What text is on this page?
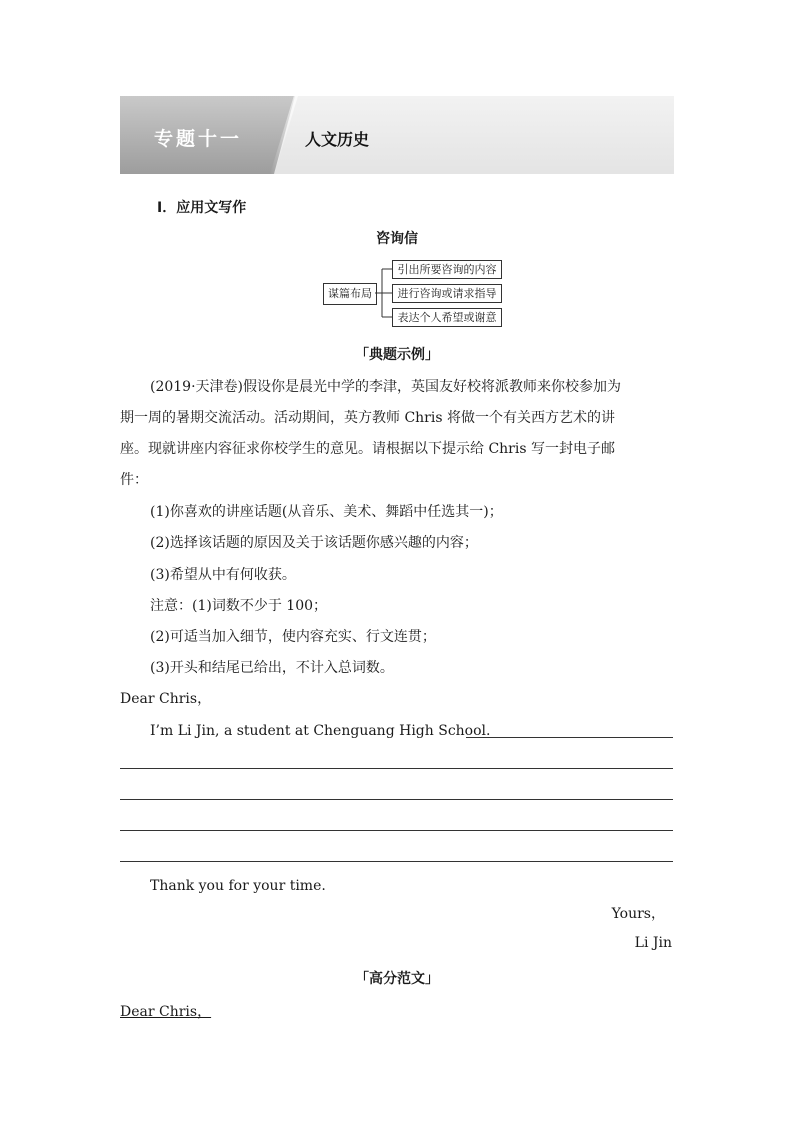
专题十一	人文历史
Ⅰ．应用文写作
咨询信
谋篇布局
引出所要咨询的内容
进行咨询或请求指导
表达个人希望或谢意
「典题示例」
(2019·天津卷)假设你是晨光中学的李津，英国友好校将派教师来你校参加为
期一周的暑期交流活动。活动期间，英方教师 Chris 将做一个有关西方艺术的讲
座。现就讲座内容征求你校学生的意见。请根据以下提示给 Chris 写一封电子邮
件：
(1)你喜欢的讲座话题(从音乐、美术、舞蹈中任选其一)；
(2)选择该话题的原因及关于该话题你感兴趣的内容；
(3)希望从中有何收获。
注意：(1)词数不少于 100；
(2)可适当加入细节，使内容充实、行文连贯；
(3)开头和结尾已给出，不计入总词数。
Dear Chris，
I’m Li Jin, a student at Chenguang High School.
Thank you for your time.
Yours，
Li Jin
「高分范文」
Dear Chris，
